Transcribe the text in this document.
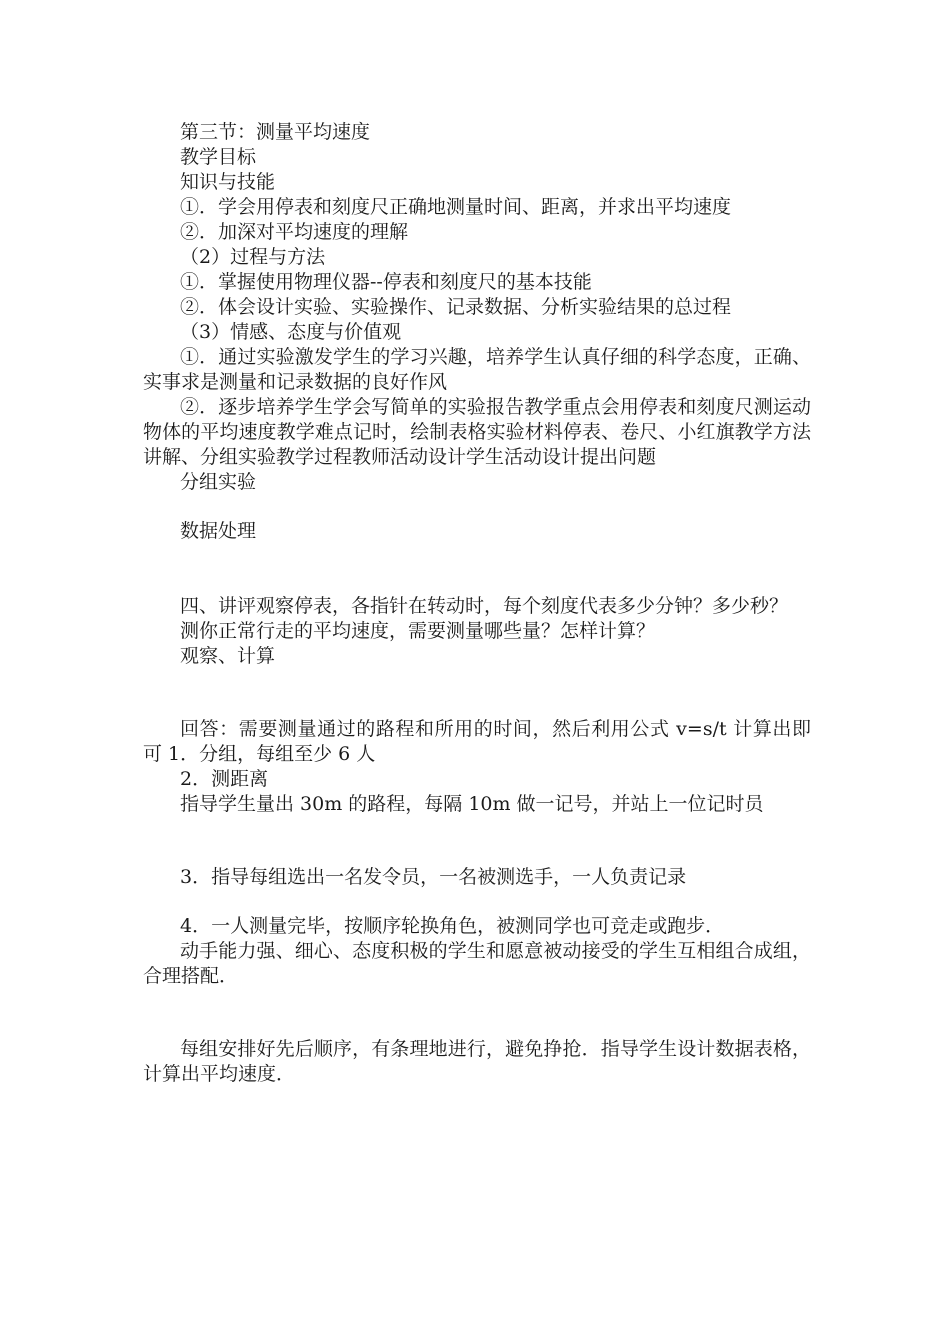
第三节：测量平均速度

教学目标

知识与技能

①．学会用停表和刻度尺正确地测量时间、距离，并求出平均速度

②．加深对平均速度的理解

（2）过程与方法

①．掌握使用物理仪器--停表和刻度尺的基本技能

②．体会设计实验、实验操作、记录数据、分析实验结果的总过程

（3）情感、态度与价值观

①．通过实验激发学生的学习兴趣，培养学生认真仔细的科学态度，正确、实事求是测量和记录数据的良好作风

②．逐步培养学生学会写简单的实验报告教学重点会用停表和刻度尺测运动物体的平均速度教学难点记时，绘制表格实验材料停表、卷尺、小红旗教学方法讲解、分组实验教学过程教师活动设计学生活动设计提出问题

分组实验

数据处理

四、讲评观察停表，各指针在转动时，每个刻度代表多少分钟？多少秒？

测你正常行走的平均速度，需要测量哪些量？怎样计算？

观察、计算

回答：需要测量通过的路程和所用的时间，然后利用公式 v=s/t 计算出即可 1．分组，每组至少 6 人

2．测距离

指导学生量出 30m 的路程，每隔 10m 做一记号，并站上一位记时员

3．指导每组选出一名发令员，一名被测选手，一人负责记录

4．一人测量完毕，按顺序轮换角色，被测同学也可竞走或跑步．

动手能力强、细心、态度积极的学生和愿意被动接受的学生互相组合成组，合理搭配．

每组安排好先后顺序，有条理地进行，避免挣抢．指导学生设计数据表格，计算出平均速度．
